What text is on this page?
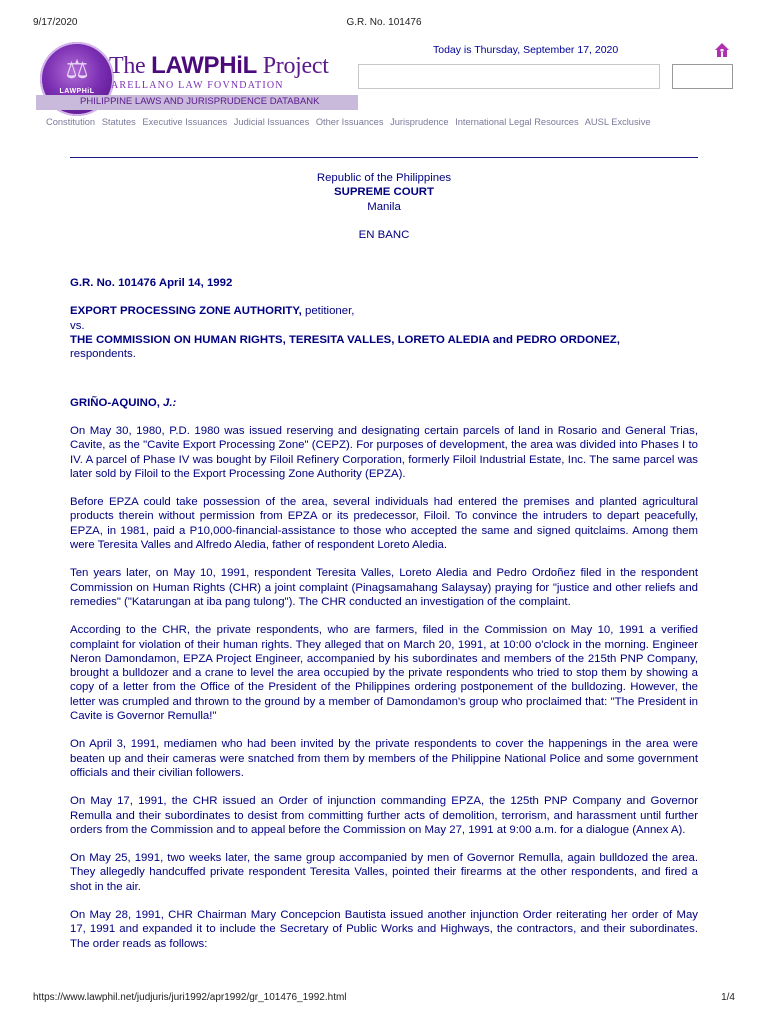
9/17/2020	G.R. No. 101476
⚖
LAWPHiL
PHILIPPINE LAWS AND JURISPRUDENCE DATABANK
The LAWPHiL Project
ARELLANO LAW FOVNDATION
Today is Thursday, September 17, 2020
Constitution Statutes Executive Issuances Judicial Issuances Other Issuances Jurisprudence International Legal Resources AUSL Exclusive
Republic of the Philippines
SUPREME COURT
Manila
EN BANC
G.R. No. 101476 April 14, 1992

EXPORT PROCESSING ZONE AUTHORITY, petitioner,

vs.

THE COMMISSION ON HUMAN RIGHTS, TERESITA VALLES, LORETO ALEDIA and PEDRO ORDONEZ,

respondents.

GRIÑO-AQUINO, J.:

On May 30, 1980, P.D. 1980 was issued reserving and designating certain parcels of land in Rosario and General Trias, Cavite, as the "Cavite Export Processing Zone" (CEPZ). For purposes of development, the area was divided into Phases I to IV. A parcel of Phase IV was bought by Filoil Refinery Corporation, formerly Filoil Industrial Estate, Inc. The same parcel was later sold by Filoil to the Export Processing Zone Authority (EPZA).

Before EPZA could take possession of the area, several individuals had entered the premises and planted agricultural products therein without permission from EPZA or its predecessor, Filoil. To convince the intruders to depart peacefully, EPZA, in 1981, paid a P10,000-financial-assistance to those who accepted the same and signed quitclaims. Among them were Teresita Valles and Alfredo Aledia, father of respondent Loreto Aledia.

Ten years later, on May 10, 1991, respondent Teresita Valles, Loreto Aledia and Pedro Ordoñez filed in the respondent Commission on Human Rights (CHR) a joint complaint (Pinagsamahang Salaysay) praying for "justice and other reliefs and remedies" ("Katarungan at iba pang tulong"). The CHR conducted an investigation of the complaint.

According to the CHR, the private respondents, who are farmers, filed in the Commission on May 10, 1991 a verified complaint for violation of their human rights. They alleged that on March 20, 1991, at 10:00 o'clock in the morning. Engineer Neron Damondamon, EPZA Project Engineer, accompanied by his subordinates and members of the 215th PNP Company, brought a bulldozer and a crane to level the area occupied by the private respondents who tried to stop them by showing a copy of a letter from the Office of the President of the Philippines ordering postponement of the bulldozing. However, the letter was crumpled and thrown to the ground by a member of Damondamon's group who proclaimed that: "The President in Cavite is Governor Remulla!"

On April 3, 1991, mediamen who had been invited by the private respondents to cover the happenings in the area were beaten up and their cameras were snatched from them by members of the Philippine National Police and some government officials and their civilian followers.

On May 17, 1991, the CHR issued an Order of injunction commanding EPZA, the 125th PNP Company and Governor Remulla and their subordinates to desist from committing further acts of demolition, terrorism, and harassment until further orders from the Commission and to appeal before the Commission on May 27, 1991 at 9:00 a.m. for a dialogue (Annex A).

On May 25, 1991, two weeks later, the same group accompanied by men of Governor Remulla, again bulldozed the area. They allegedly handcuffed private respondent Teresita Valles, pointed their firearms at the other respondents, and fired a shot in the air.

On May 28, 1991, CHR Chairman Mary Concepcion Bautista issued another injunction Order reiterating her order of May 17, 1991 and expanded it to include the Secretary of Public Works and Highways, the contractors, and their subordinates. The order reads as follows:

https://www.lawphil.net/judjuris/juri1992/apr1992/gr_101476_1992.html	1/4
